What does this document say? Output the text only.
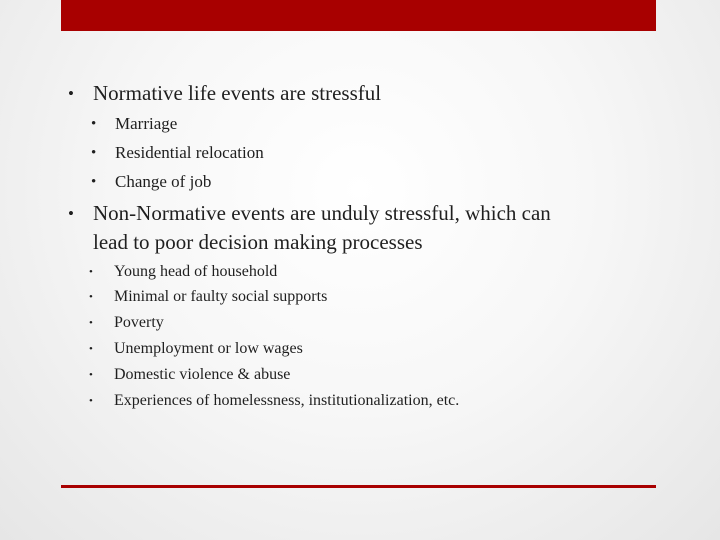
• Normative life events are stressful
•	Marriage
•	Residential relocation
•	Change of job
• Non-Normative events are unduly stressful, which can
lead to poor decision making processes
•	Young head of household
•	Minimal or faulty social supports
•	Poverty
•	Unemployment or low wages
•	Domestic violence & abuse
•	Experiences of homelessness, institutionalization, etc.
